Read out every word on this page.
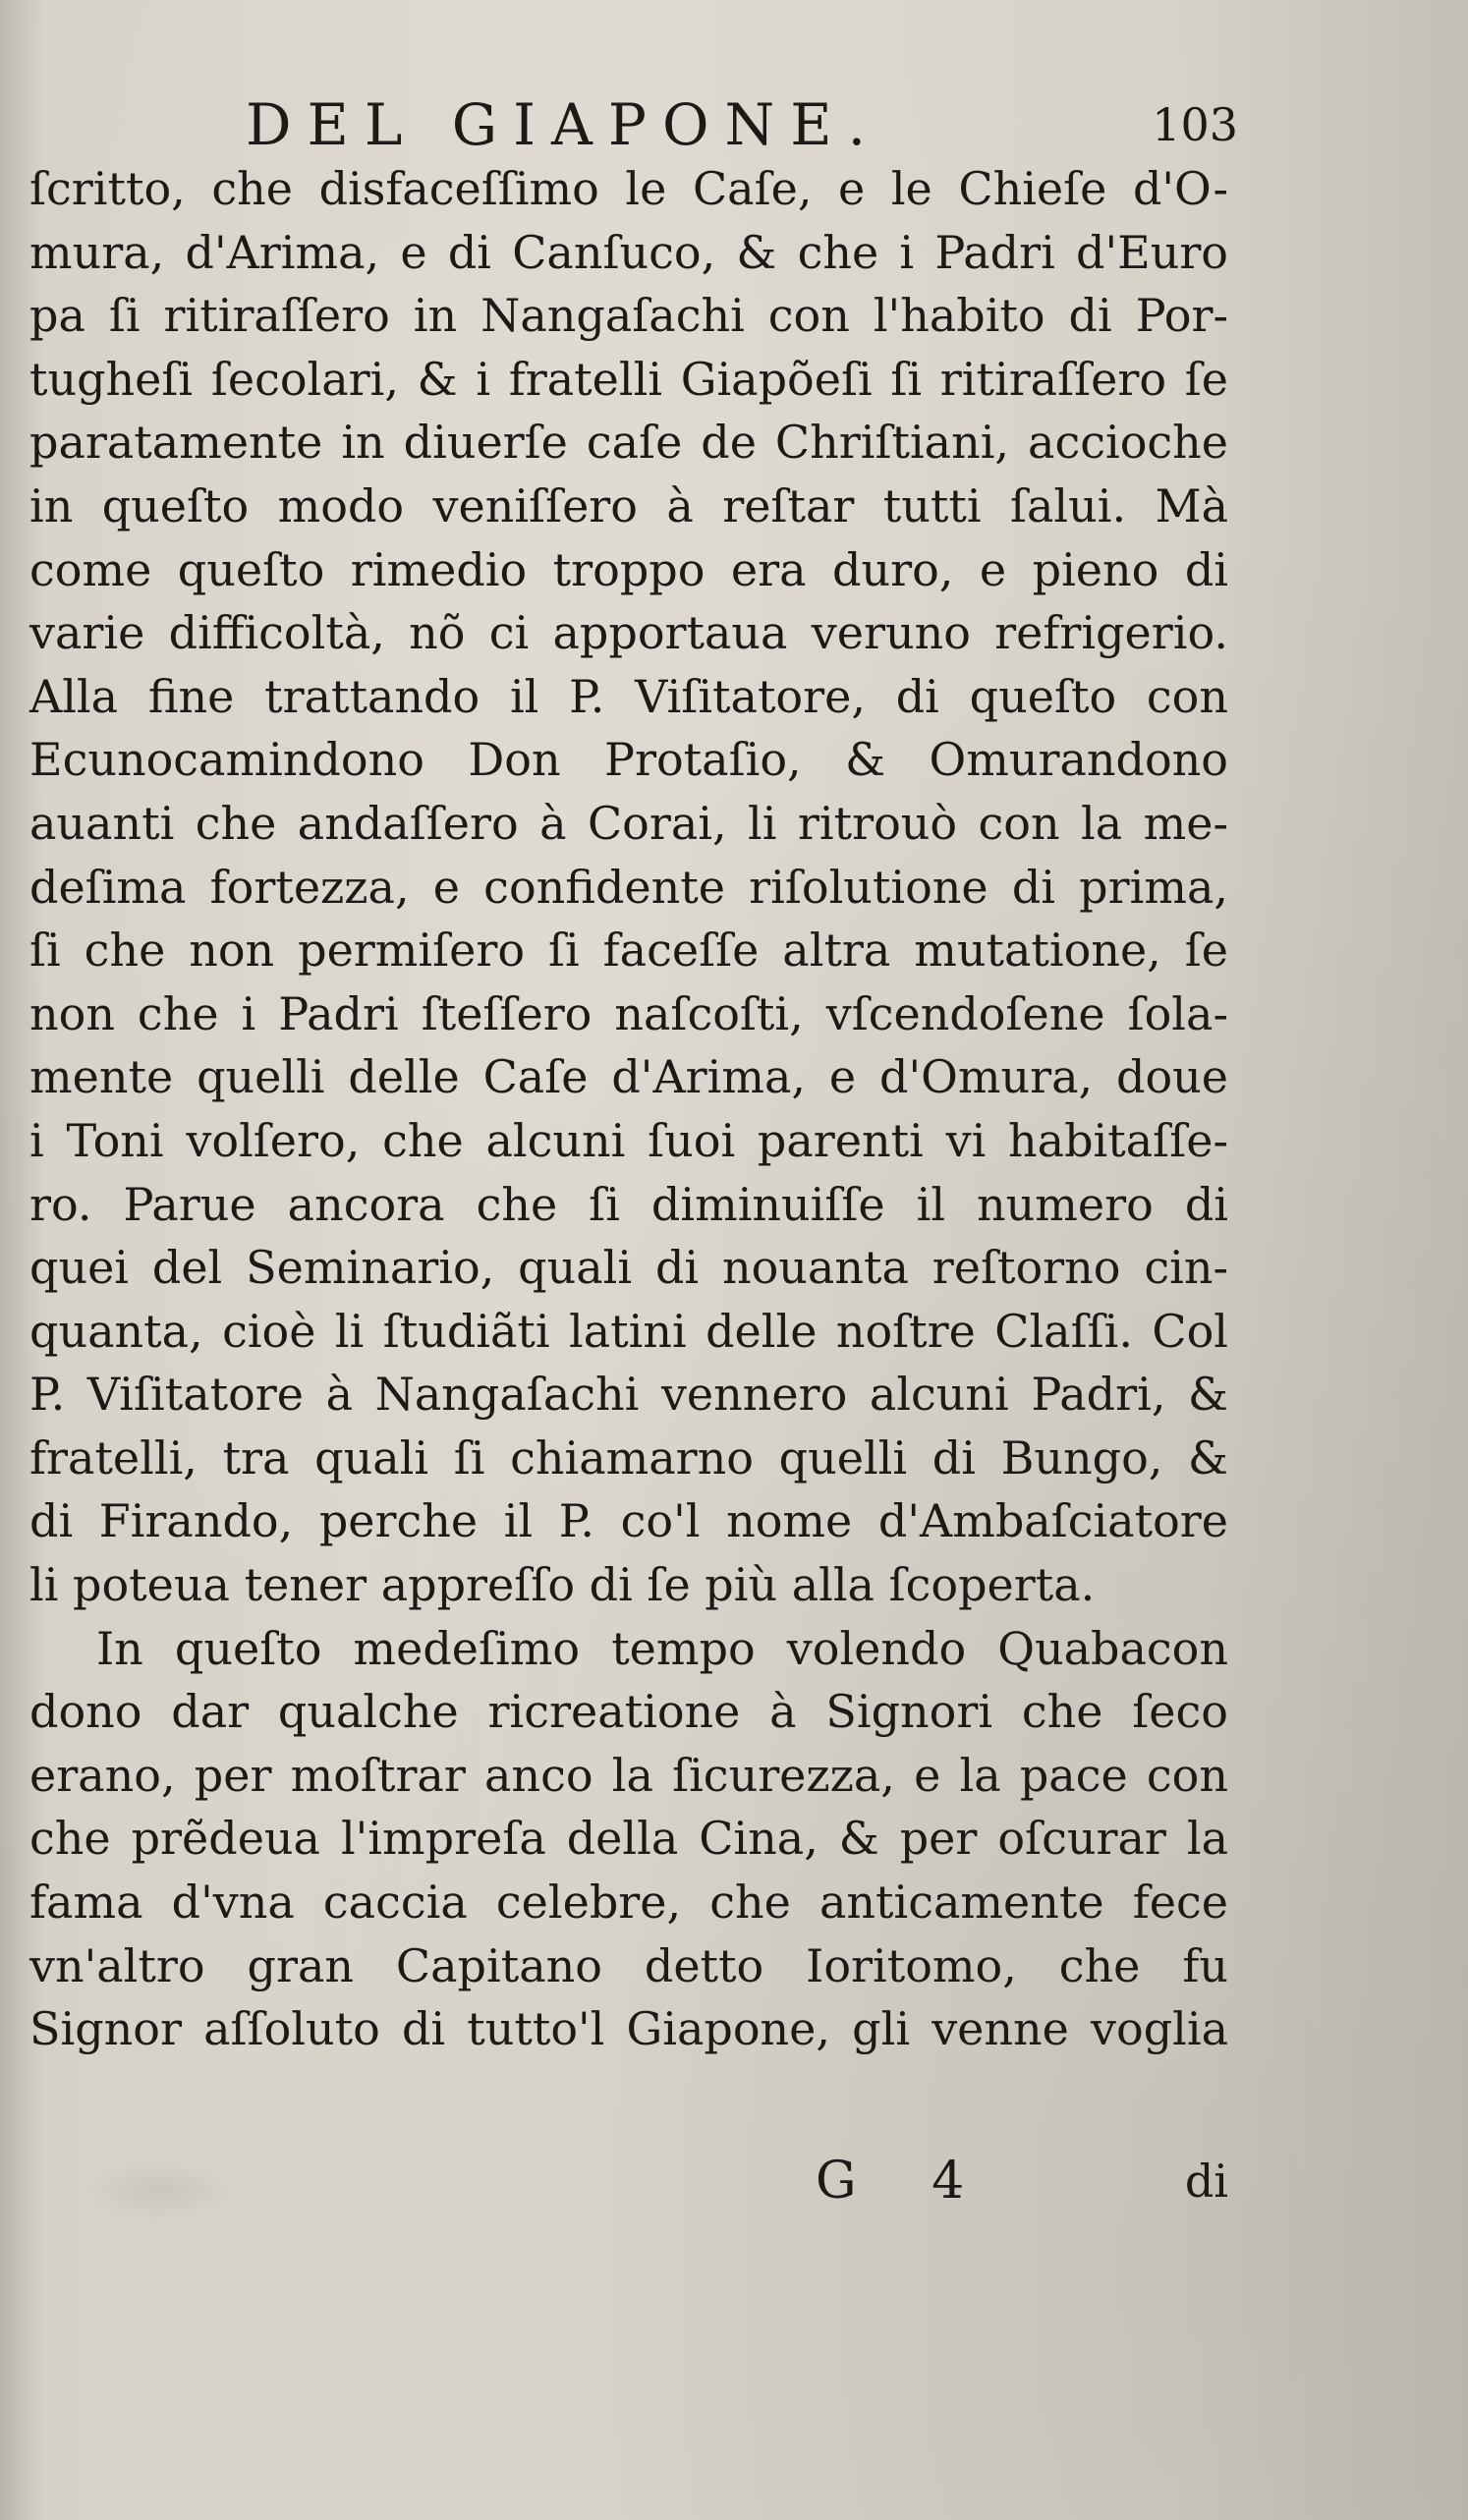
DEL GIAPONE.	103
ſcritto, che disfaceſſimo le Caſe, e le Chieſe d'O-
mura, d'Arima, e di Canſuco, & che i Padri d'Euro
pa ſi ritiraſſero in Nangaſachi con l'habito di Por-
tugheſi ſecolari, & i fratelli Giapõeſi ſi ritiraſſero ſe
paratamente in diuerſe caſe de Chriſtiani, accioche
in queſto modo veniſſero à reſtar tutti ſalui. Mà
come queſto rimedio troppo era duro, e pieno di
varie difficoltà, nõ ci apportaua veruno refrigerio.
Alla fine trattando il P. Viſitatore, di queſto con
Ecunocamindono Don Protaſio, & Omurandono
auanti che andaſſero à Corai, li ritrouò con la me-
deſima fortezza, e confidente riſolutione di prima,
ſi che non permiſero ſi faceſſe altra mutatione, ſe
non che i Padri ſteſſero naſcoſti, vſcendoſene ſola-
mente quelli delle Caſe d'Arima, e d'Omura, doue
i Toni volſero, che alcuni ſuoi parenti vi habitaſſe-
ro. Parue ancora che ſi diminuiſſe il numero di
quei del Seminario, quali di nouanta reſtorno cin-
quanta, cioè li ſtudiãti latini delle noſtre Claſſi. Col
P. Viſitatore à Nangaſachi vennero alcuni Padri, &
fratelli, tra quali ſi chiamarno quelli di Bungo, &
di Firando, perche il P. co'l nome d'Ambaſciatore
li poteua tener appreſſo di ſe più alla ſcoperta.
In queſto medeſimo tempo volendo Quabacon
dono dar qualche ricreatione à Signori che ſeco
erano, per moſtrar anco la ſicurezza, e la pace con
che prẽdeua l'impreſa della Cina, & per oſcurar la
fama d'vna caccia celebre, che anticamente fece
vn'altro gran Capitano detto Ioritomo, che fu
Signor aſſoluto di tutto'l Giapone, gli venne voglia
G 4	di
